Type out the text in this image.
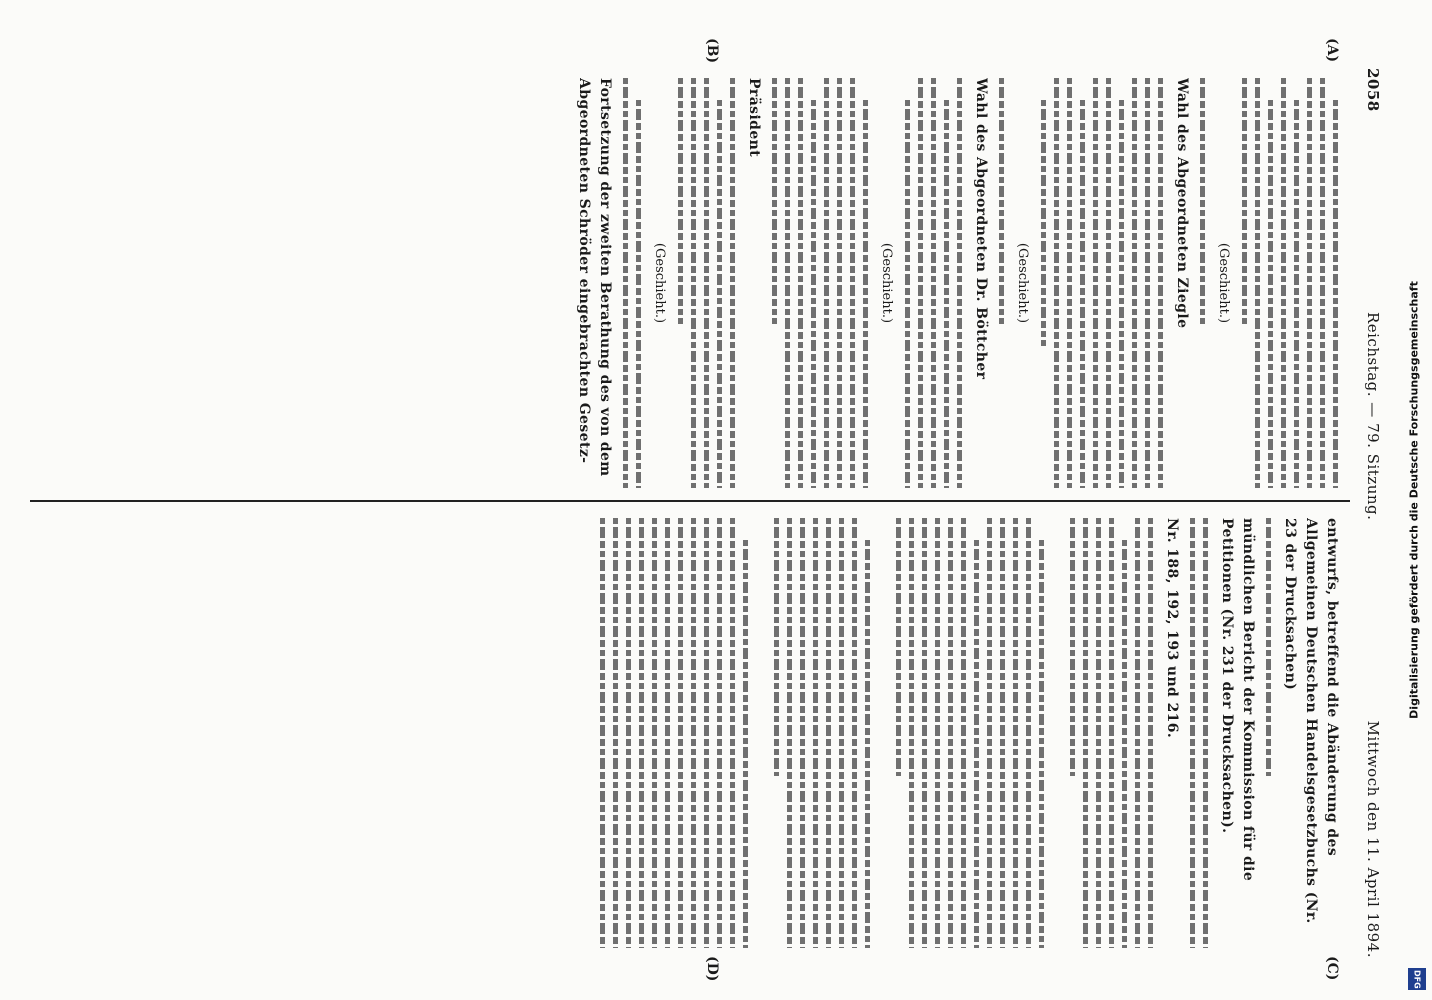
2058
Reichstag. — 79. Sitzung.
Mittwoch den 11. April 1894.
(A)
(B)
(C)
(D)
(Geschieht.)
Wahl des Abgeordneten Ziegle
(Geschieht.)
Wahl des Abgeordneten Dr. Böttcher
(Geschieht.)
Präsident
(Geschieht.)
Fortsetzung der zweiten Berathung des von dem Abgeordneten Schröder eingebrachten Gesetz-
entwurfs, betreffend die Abänderung des Allgemeinen Deutschen Handelsgesetzbuchs (Nr. 23 der Drucksachen)
mündlichen Bericht der Kommission für die Petitionen (Nr. 231 der Drucksachen).
Nr. 188, 192, 193 und 216.	Digitalisierung gefördert durch die Deutsche Forschungsgemeinschaft
DFG
